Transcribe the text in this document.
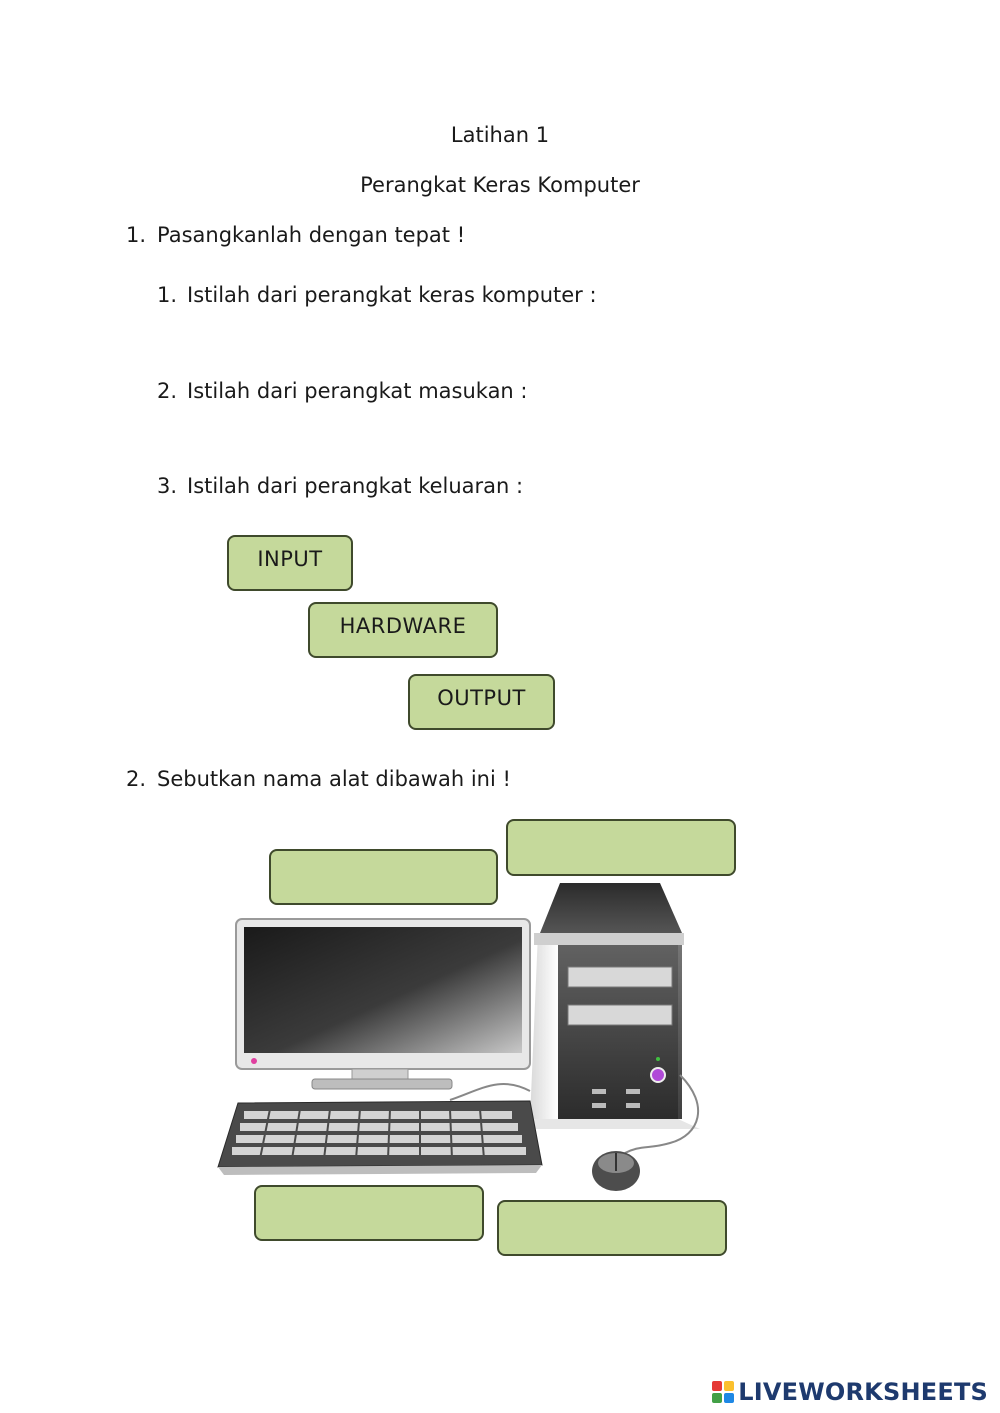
Latihan 1
Perangkat Keras Komputer
1. Pasangkanlah dengan tepat !
1. Istilah dari perangkat keras komputer :
2. Istilah dari perangkat masukan :
3. Istilah dari perangkat keluaran :
INPUT
HARDWARE
OUTPUT
2. Sebutkan nama alat dibawah ini !
LIVEWORKSHEETS
